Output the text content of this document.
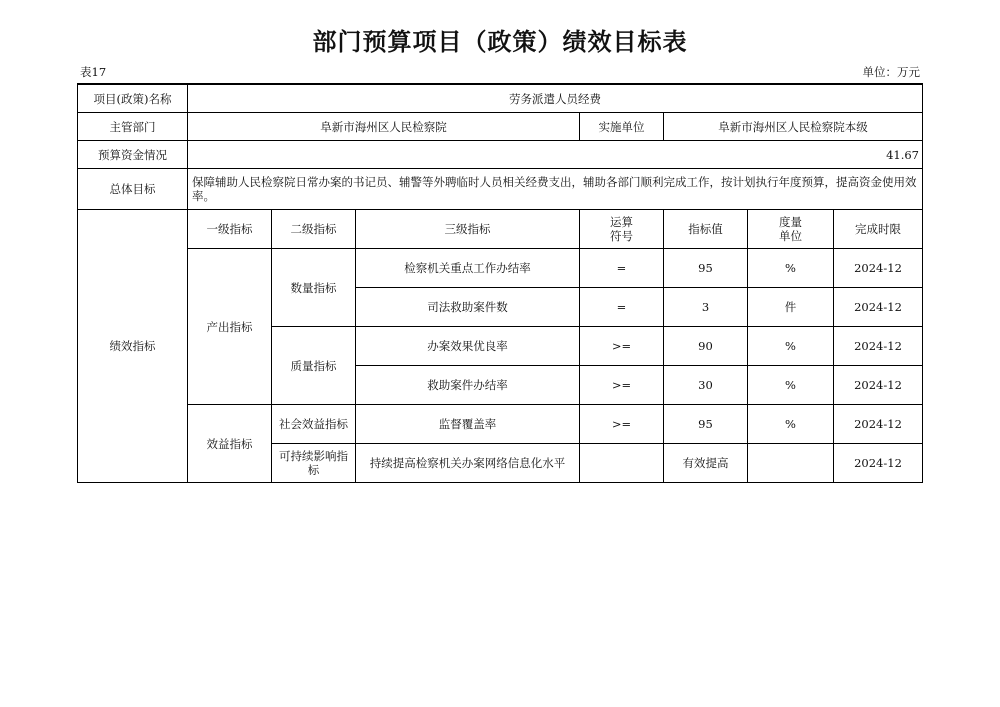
部门预算项目（政策）绩效目标表
表17	单位：万元
项目(政策)名称	劳务派遣人员经费						
主管部门	阜新市海州区人民检察院			实施单位	阜新市海州区人民检察院本级		
预算资金情况	41.67						
总体目标	保障辅助人民检察院日常办案的书记员、辅警等外聘临时人员相关经费支出，辅助各部门顺利完成工作，按计划执行年度预算，提高资金使用效率。						
绩效指标	一级指标	二级指标	三级指标	运算符号	指标值	度量单位	完成时限
	产出指标	数量指标	检察机关重点工作办结率	=	95	%	2024-12
			司法救助案件数	=	3	件	2024-12
		质量指标	办案效果优良率	>=	90	%	2024-12
			救助案件办结率	>=	30	%	2024-12
	效益指标	社会效益指标	监督覆盖率	>=	95	%	2024-12
		可持续影响指标	持续提高检察机关办案网络信息化水平		有效提高		2024-12
